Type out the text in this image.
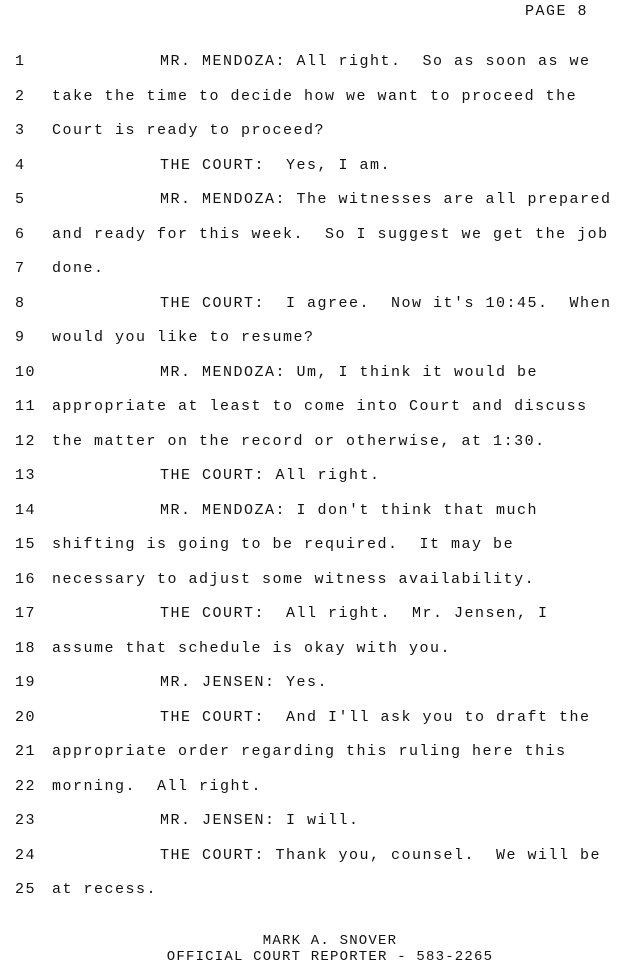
PAGE 8
1	MR. MENDOZA: All right.  So as soon as we
2	take the time to decide how we want to proceed the
3	Court is ready to proceed?
4	THE COURT:  Yes, I am.
5	MR. MENDOZA: The witnesses are all prepared
6	and ready for this week.  So I suggest we get the job
7	done.
8	THE COURT:  I agree.  Now it's 10:45.  When
9	would you like to resume?
10	MR. MENDOZA: Um, I think it would be
11 appropriate at least to come into Court and discuss
12 the matter on the record or otherwise, at 1:30.
13	THE COURT: All right.
14	MR. MENDOZA: I don't think that much
15 shifting is going to be required.  It may be
16 necessary to adjust some witness availability.
17	THE COURT:  All right.  Mr. Jensen, I
18 assume that schedule is okay with you.
19	MR. JENSEN: Yes.
20	THE COURT:  And I'll ask you to draft the
21 appropriate order regarding this ruling here this
22 morning.  All right.
23	MR. JENSEN: I will.
24	THE COURT: Thank you, counsel.  We will be
25 at recess.
MARK A. SNOVER
OFFICIAL COURT REPORTER - 583-2265
